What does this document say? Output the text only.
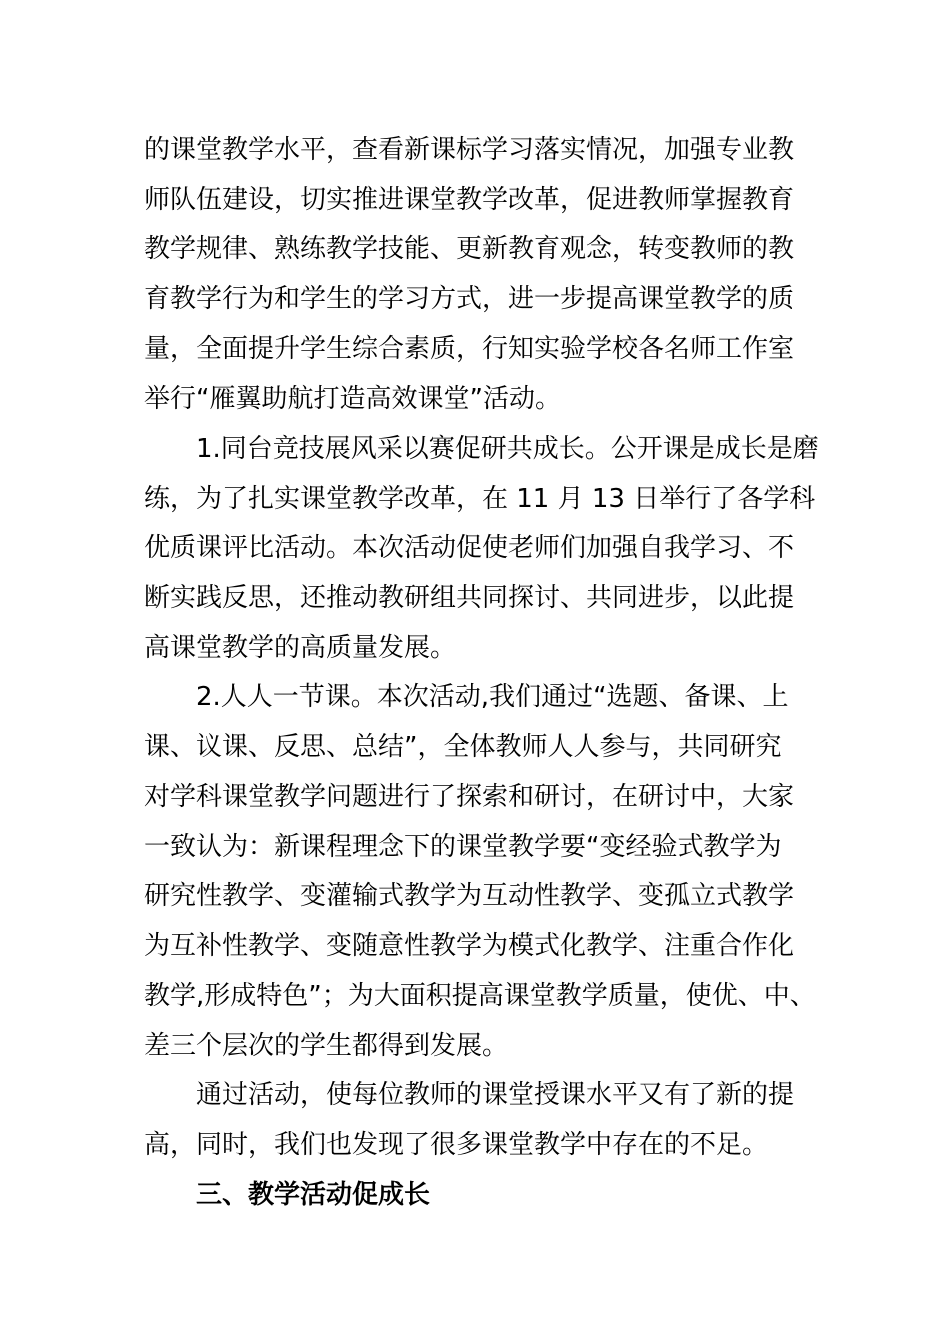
的课堂教学水平，查看新课标学习落实情况，加强专业教
师队伍建设，切实推进课堂教学改革，促进教师掌握教育
教学规律、熟练教学技能、更新教育观念，转变教师的教
育教学行为和学生的学习方式，进一步提高课堂教学的质
量，全面提升学生综合素质，行知实验学校各名师工作室
举行“雁翼助航打造高效课堂”活动。
1.同台竞技展风采以赛促研共成长。公开课是成长是磨
练，为了扎实课堂教学改革，在 11 月 13 日举行了各学科
优质课评比活动。本次活动促使老师们加强自我学习、不
断实践反思，还推动教研组共同探讨、共同进步，以此提
高课堂教学的高质量发展。
2.人人一节课。本次活动,我们通过“选题、备课、上
课、议课、反思、总结”，全体教师人人参与，共同研究
对学科课堂教学问题进行了探索和研讨，在研讨中，大家
一致认为：新课程理念下的课堂教学要“变经验式教学为
研究性教学、变灌输式教学为互动性教学、变孤立式教学
为互补性教学、变随意性教学为模式化教学、注重合作化
教学,形成特色”；为大面积提高课堂教学质量，使优、中、
差三个层次的学生都得到发展。
通过活动，使每位教师的课堂授课水平又有了新的提
高，同时，我们也发现了很多课堂教学中存在的不足。
三、教学活动促成长
